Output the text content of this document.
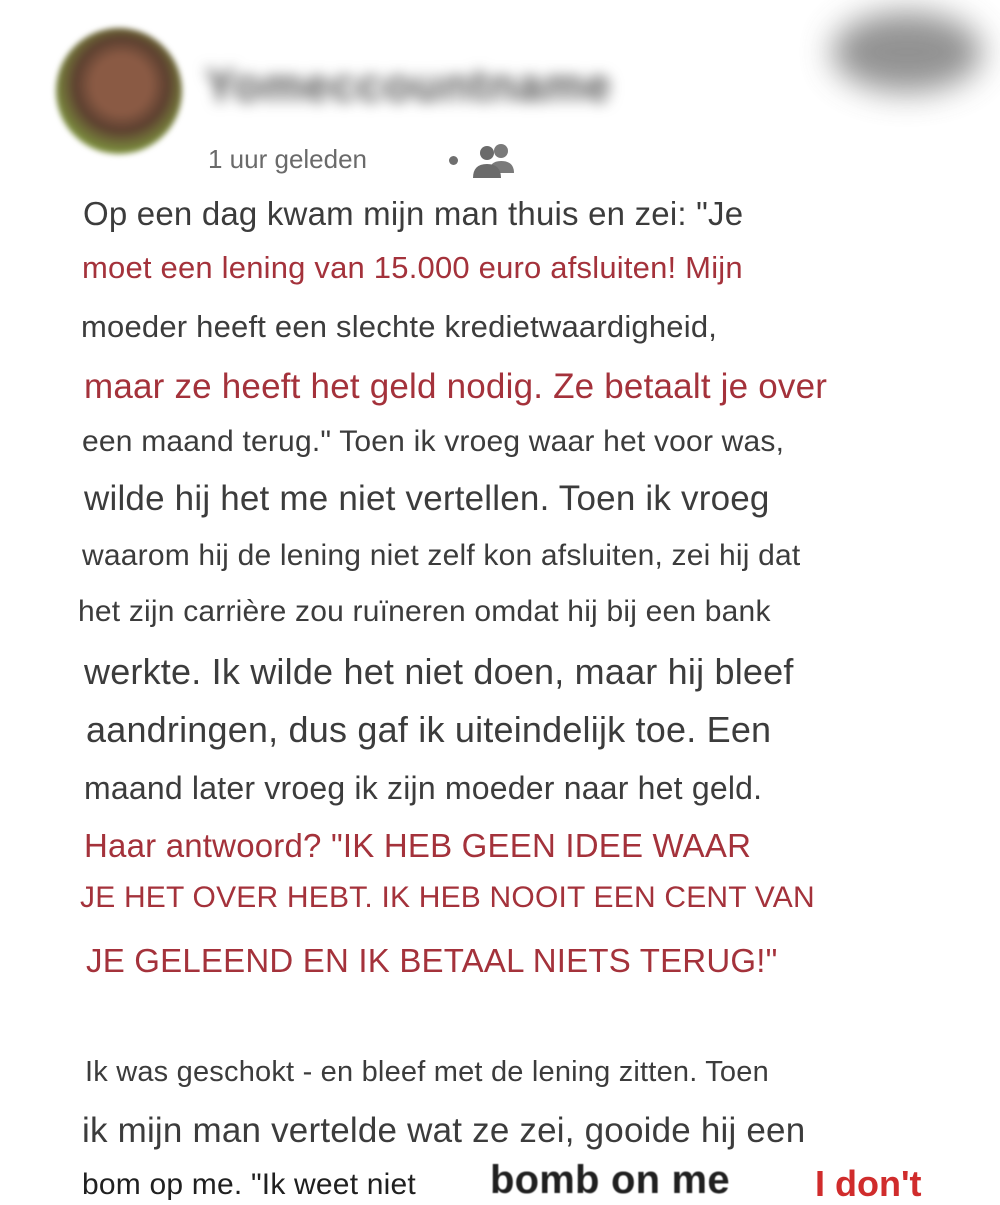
Yomeccountname
1 uur geleden
Op een dag kwam mijn man thuis en zei: "Je
moet een lening van 15.000 euro afsluiten! Mijn
moeder heeft een slechte kredietwaardigheid,
maar ze heeft het geld nodig. Ze betaalt je over
een maand terug." Toen ik vroeg waar het voor was,
wilde hij het me niet vertellen. Toen ik vroeg
waarom hij de lening niet zelf kon afsluiten, zei hij dat
het zijn carrière zou ruïneren omdat hij bij een bank
werkte. Ik wilde het niet doen, maar hij bleef
aandringen, dus gaf ik uiteindelijk toe. Een
maand later vroeg ik zijn moeder naar het geld.
Haar antwoord? "IK HEB GEEN IDEE WAAR
JE HET OVER HEBT. IK HEB NOOIT EEN CENT VAN
JE GELEEND EN IK BETAAL NIETS TERUG!"
Ik was geschokt - en bleef met de lening zitten. Toen
ik mijn man vertelde wat ze zei, gooide hij een
bom op me. "Ik weet niet bomb on me I don't
